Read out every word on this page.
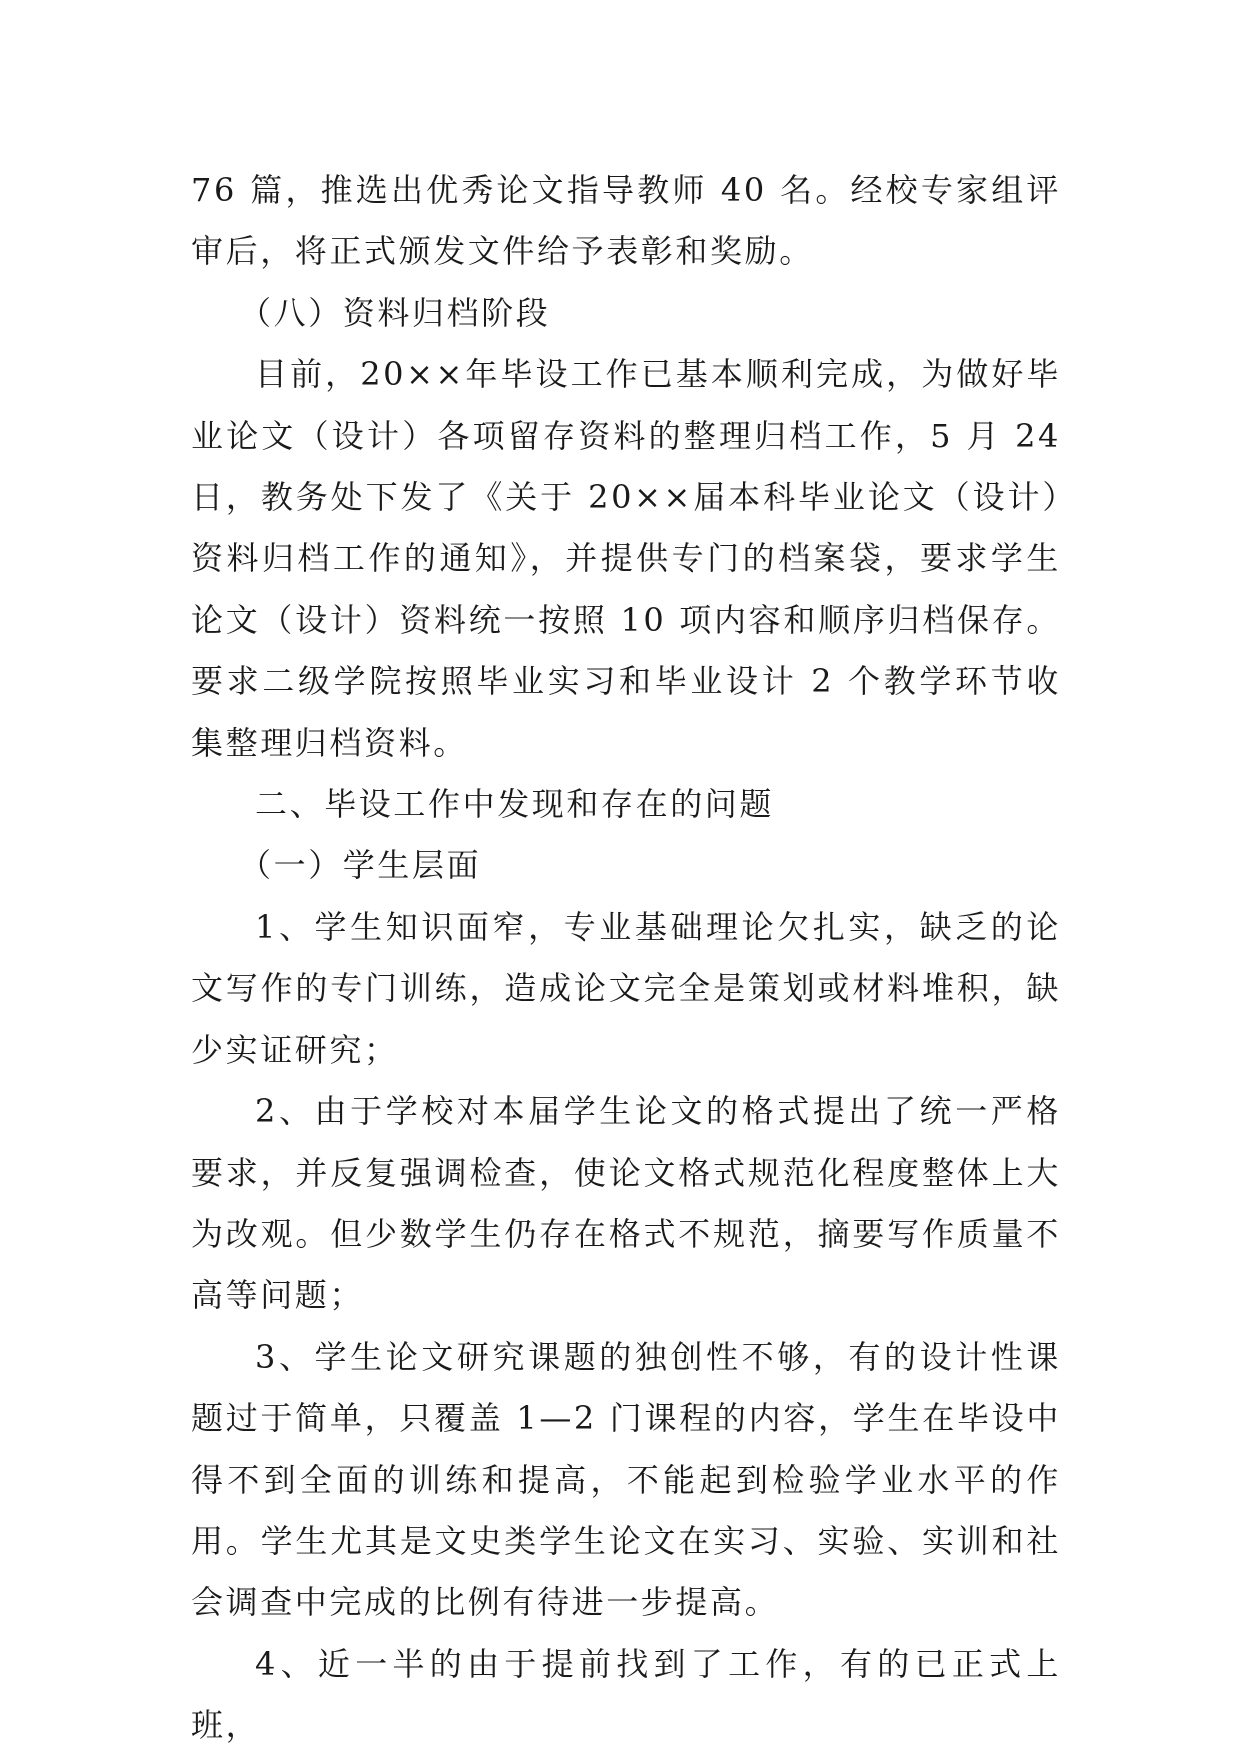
76 篇，推选出优秀论文指导教师 40 名。经校专家组评审后，将正式颁发文件给予表彰和奖励。

（八）资料归档阶段

目前，20××年毕设工作已基本顺利完成，为做好毕业论文（设计）各项留存资料的整理归档工作，5 月 24 日，教务处下发了《关于 20××届本科毕业论文（设计）资料归档工作的通知》，并提供专门的档案袋，要求学生论文（设计）资料统一按照 10 项内容和顺序归档保存。要求二级学院按照毕业实习和毕业设计 2 个教学环节收集整理归档资料。

二、毕设工作中发现和存在的问题

（一）学生层面

1、学生知识面窄，专业基础理论欠扎实，缺乏的论文写作的专门训练，造成论文完全是策划或材料堆积，缺少实证研究；

2、由于学校对本届学生论文的格式提出了统一严格要求，并反复强调检查，使论文格式规范化程度整体上大为改观。但少数学生仍存在格式不规范，摘要写作质量不高等问题；

3、学生论文研究课题的独创性不够，有的设计性课题过于简单，只覆盖 1—2 门课程的内容，学生在毕设中得不到全面的训练和提高，不能起到检验学业水平的作用。学生尤其是文史类学生论文在实习、实验、实训和社会调查中完成的比例有待进一步提高。

4、近一半的由于提前找到了工作，有的已正式上班，
